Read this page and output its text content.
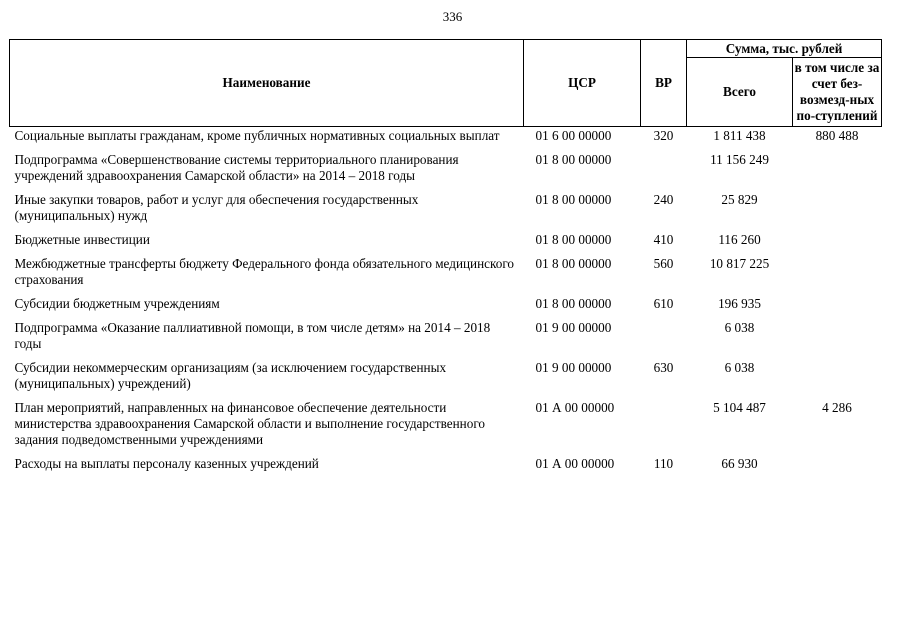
336
Наименование	ЦСР	ВР	Сумма, тыс. рублей	
			Всего	в том числе за счет без-возмезд-ных по-ступлений
Социальные выплаты гражданам, кроме публичных нормативных социальных выплат	01 6 00 00000	320	1 811 438	880 488
Подпрограмма «Совершенствование системы территориального планирования учреждений здравоохранения Самарской области» на 2014 – 2018 годы	01 8 00 00000		11 156 249	
Иные закупки товаров, работ и услуг для обеспечения государственных (муниципальных) нужд	01 8 00 00000	240	25 829	
Бюджетные инвестиции	01 8 00 00000	410	116 260	
Межбюджетные трансферты бюджету Федерального фонда обязательного медицинского страхования	01 8 00 00000	560	10 817 225	
Субсидии бюджетным учреждениям	01 8 00 00000	610	196 935	
Подпрограмма «Оказание паллиативной помощи, в том числе детям» на 2014 – 2018 годы	01 9 00 00000		6 038	
Субсидии некоммерческим организациям (за исключением государственных (муниципальных) учреждений)	01 9 00 00000	630	6 038	
План мероприятий, направленных на финансовое обеспечение деятельности министерства здравоохранения Самарской области и выполнение государственного задания подведомственными учреждениями	01 А 00 00000		5 104 487	4 286
Расходы на выплаты персоналу казенных учреждений	01 А 00 00000	110	66 930	
